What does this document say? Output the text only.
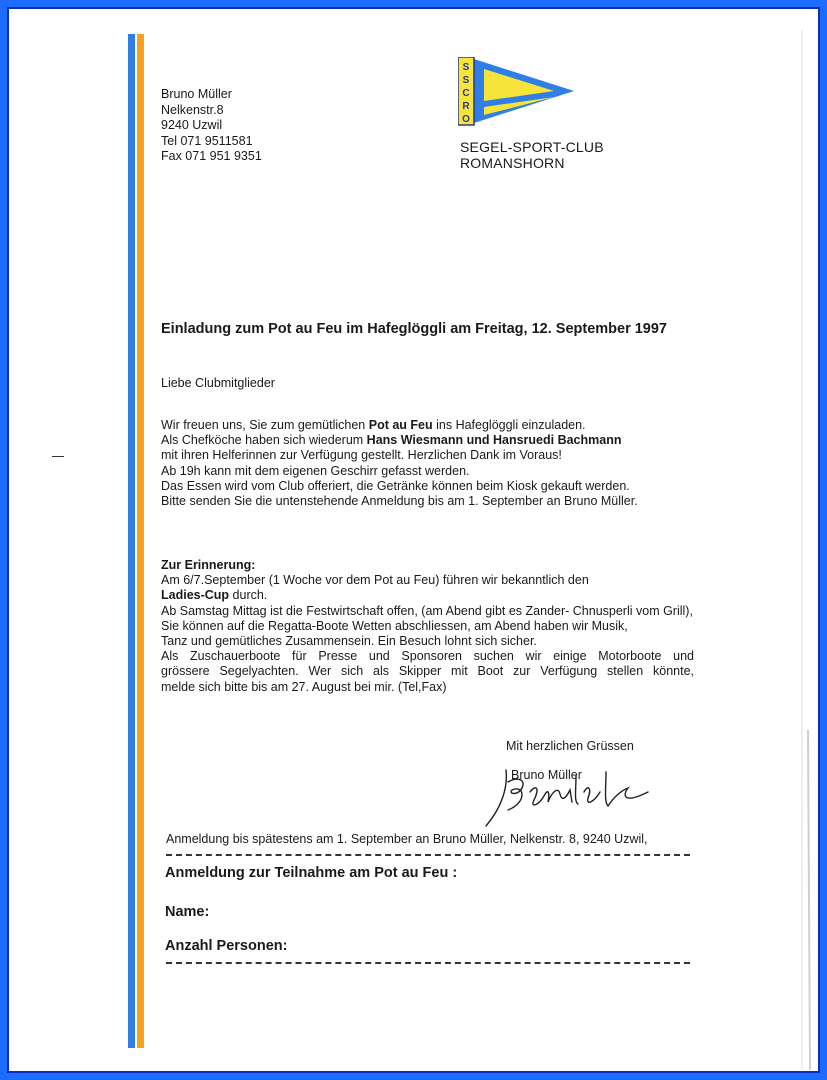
Bruno Müller
Nelkenstr.8
9240 Uzwil
Tel 071 9511581
Fax 071 951 9351
S
S
C
R
O
SEGEL-SPORT-CLUB
ROMANSHORN
Einladung zum Pot au Feu im Hafeglöggli am Freitag, 12. September 1997
Liebe Clubmitglieder
Wir freuen uns, Sie zum gemütlichen Pot au Feu ins Hafeglöggli einzuladen.
Als Chefköche haben sich wiederum Hans Wiesmann und Hansruedi Bachmann
mit ihren Helferinnen zur Verfügung gestellt. Herzlichen Dank im Voraus!
Ab 19h kann mit dem eigenen Geschirr gefasst werden.
Das Essen wird vom Club offeriert, die Getränke können beim Kiosk gekauft werden.
Bitte senden Sie die untenstehende Anmeldung bis am 1. September an Bruno Müller.
Zur Erinnerung:
Am 6/7.September (1 Woche vor dem Pot au Feu) führen wir bekanntlich den
Ladies-Cup durch.
Ab Samstag Mittag ist die Festwirtschaft offen, (am Abend gibt es Zander- Chnusperli vom Grill),
Sie können auf die Regatta-Boote Wetten abschliessen, am Abend haben wir Musik,
Tanz und gemütliches Zusammensein. Ein Besuch lohnt sich sicher.
Als Zuschauerboote für Presse und Sponsoren suchen wir einige Motorboote und
grössere Segelyachten. Wer sich als Skipper mit Boot zur Verfügung stellen könnte,
melde sich bitte bis am 27. August bei mir. (Tel,Fax)
Mit herzlichen Grüssen
Bruno Müller
Anmeldung bis spätestens am 1. September an Bruno Müller, Nelkenstr. 8, 9240 Uzwil,
Anmeldung zur Teilnahme am Pot au Feu :
Name:
Anzahl Personen:
